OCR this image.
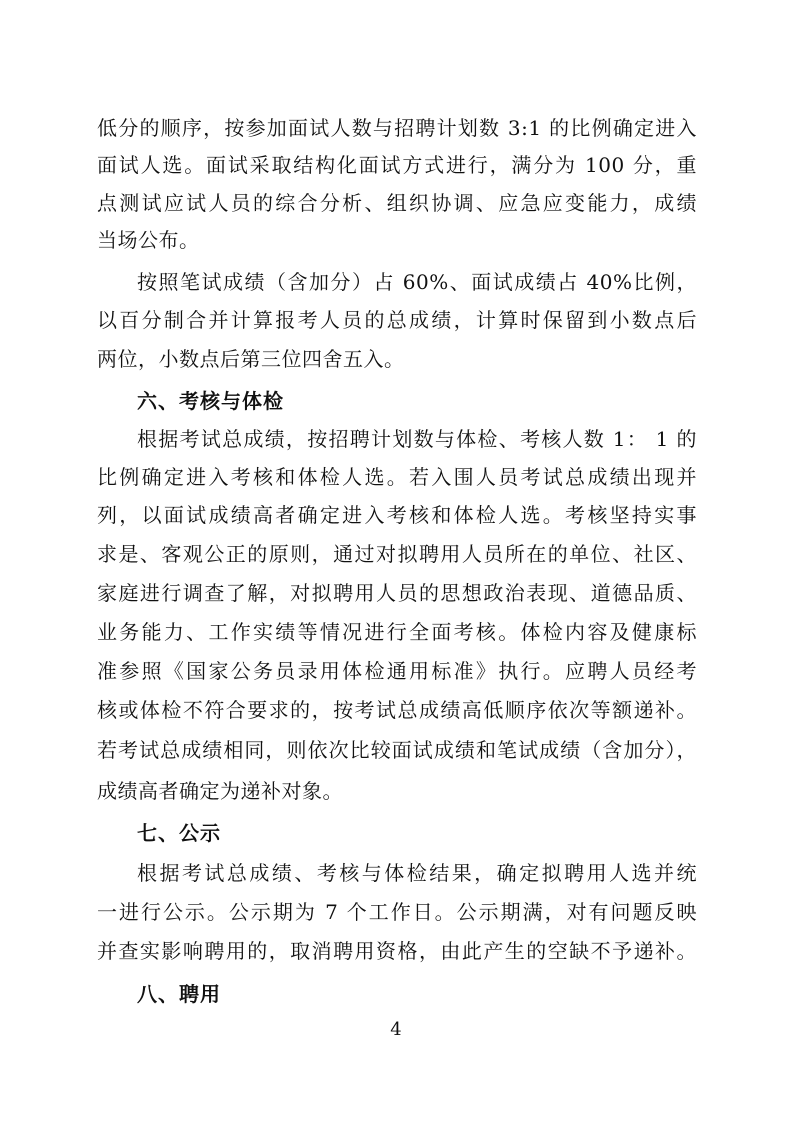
低分的顺序，按参加面试人数与招聘计划数 3:1 的比例确定进入
面试人选。面试采取结构化面试方式进行，满分为 100 分，重
点测试应试人员的综合分析、组织协调、应急应变能力，成绩
当场公布。
按照笔试成绩（含加分）占 60%、面试成绩占 40%比例，
以百分制合并计算报考人员的总成绩，计算时保留到小数点后
两位，小数点后第三位四舍五入。
六、考核与体检
根据考试总成绩，按招聘计划数与体检、考核人数 1： 1 的
比例确定进入考核和体检人选。若入围人员考试总成绩出现并
列，以面试成绩高者确定进入考核和体检人选。考核坚持实事
求是、客观公正的原则，通过对拟聘用人员所在的单位、社区、
家庭进行调查了解，对拟聘用人员的思想政治表现、道德品质、
业务能力、工作实绩等情况进行全面考核。体检内容及健康标
准参照《国家公务员录用体检通用标准》执行。应聘人员经考
核或体检不符合要求的，按考试总成绩高低顺序依次等额递补。
若考试总成绩相同，则依次比较面试成绩和笔试成绩（含加分），
成绩高者确定为递补对象。
七、公示
根据考试总成绩、考核与体检结果，确定拟聘用人选并统
一进行公示。公示期为 7 个工作日。公示期满，对有问题反映
并查实影响聘用的，取消聘用资格，由此产生的空缺不予递补。
八、聘用
4
